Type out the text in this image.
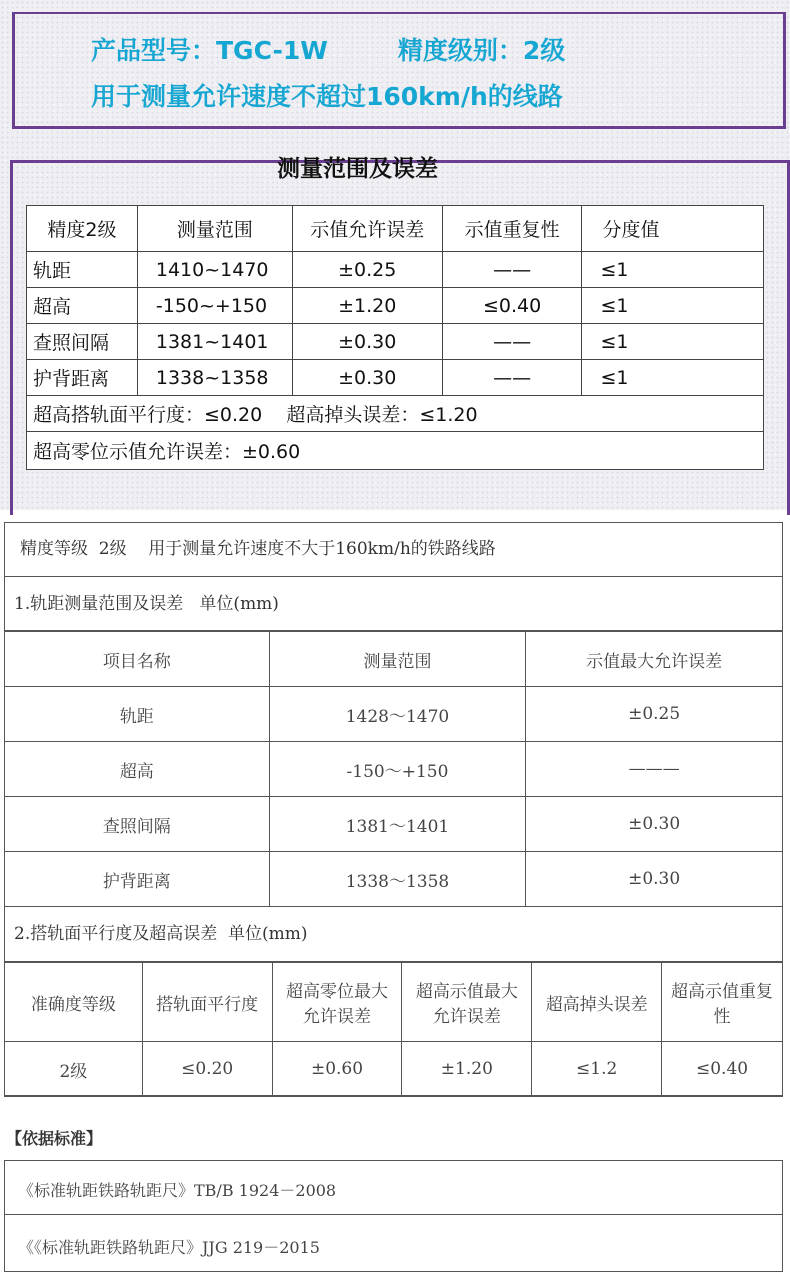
产品型号：TGC-1W	精度级别：2级
用于测量允许速度不超过160km/h的线路
测量范围及误差
精度2级	测量范围	示值允许误差	示值重复性	分度值
轨距	1410~1470	±0.25	——	≤1
超高	-150~+150	±1.20	≤0.40	≤1
查照间隔	1381~1401	±0.30	——	≤1
护背距离	1338~1358	±0.30	——	≤1
超高搭轨面平行度：≤0.20    超高掉头误差：≤1.20				
超高零位示值允许误差：±0.60				
精度等级  2级    用于测量允许速度不大于160km/h的铁路线路
1.轨距测量范围及误差   单位(mm)
项目名称	测量范围	示值最大允许误差
轨距	1428～1470	±0.25
超高	-150～+150	———
查照间隔	1381～1401	±0.30
护背距离	1338～1358	±0.30
2.搭轨面平行度及超高误差  单位(mm)
准确度等级	搭轨面平行度	超高零位最大允许误差	超高示值最大允许误差	超高掉头误差	超高示值重复性
2级	≤0.20	±0.60	±1.20	≤1.2	≤0.40
【依据标准】
《标准轨距铁路轨距尺》TB/B 1924－2008
《《标准轨距铁路轨距尺》JJG 219－2015
